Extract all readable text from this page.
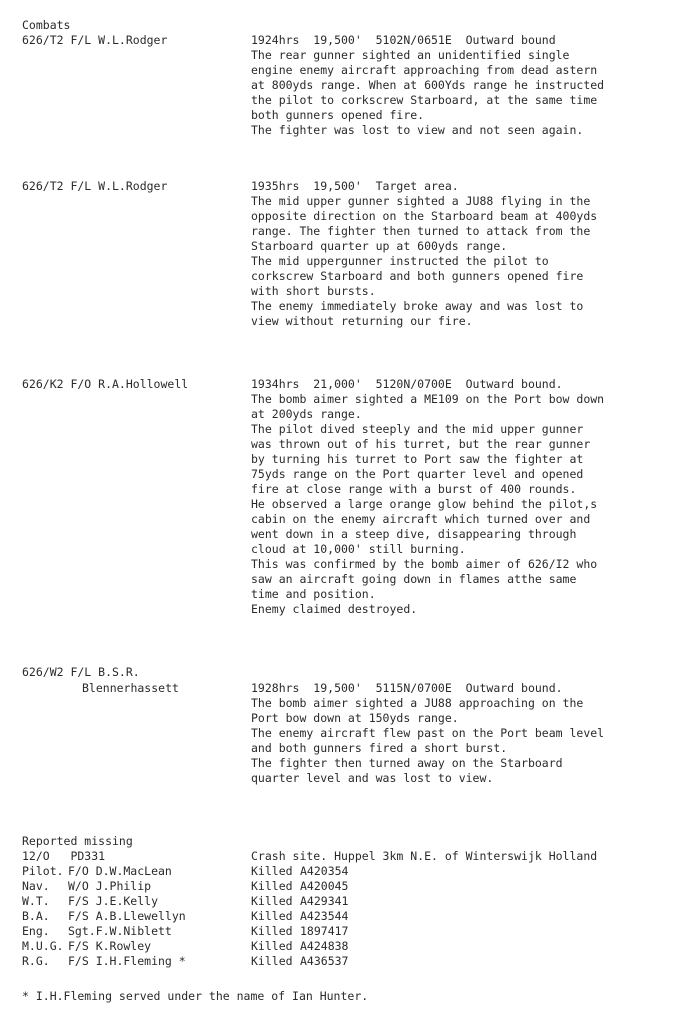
Combats
626/T2 F/L W.L.Rodger	1924hrs  19,500'  5102N/0651E  Outward bound
The rear gunner sighted an unidentified single
engine enemy aircraft approaching from dead astern
at 800yds range. When at 600Yds range he instructed
the pilot to corkscrew Starboard, at the same time
both gunners opened fire.
The fighter was lost to view and not seen again.
626/T2 F/L W.L.Rodger	1935hrs  19,500'  Target area.
The mid upper gunner sighted a JU88 flying in the
opposite direction on the Starboard beam at 400yds
range. The fighter then turned to attack from the
Starboard quarter up at 600yds range.
The mid uppergunner instructed the pilot to
corkscrew Starboard and both gunners opened fire
with short bursts.
The enemy immediately broke away and was lost to
view without returning our fire.
626/K2 F/O R.A.Hollowell	1934hrs  21,000'  5120N/0700E  Outward bound.
The bomb aimer sighted a ME109 on the Port bow down
at 200yds range.
The pilot dived steeply and the mid upper gunner
was thrown out of his turret, but the rear gunner
by turning his turret to Port saw the fighter at
75yds range on the Port quarter level and opened
fire at close range with a burst of 400 rounds.
He observed a large orange glow behind the pilot,s
cabin on the enemy aircraft which turned over and
went down in a steep dive, disappearing through
cloud at 10,000' still burning.
This was confirmed by the bomb aimer of 626/I2 who
saw an aircraft going down in flames atthe same
time and position.
Enemy claimed destroyed.
626/W2 F/L B.S.R.
Blennerhassett	1928hrs  19,500'  5115N/0700E  Outward bound.
The bomb aimer sighted a JU88 approaching on the
Port bow down at 150yds range.
The enemy aircraft flew past on the Port beam level
and both gunners fired a short burst.
The fighter then turned away on the Starboard
quarter level and was lost to view.
Reported missing
12/O   PD331	Crash site. Huppel 3km N.E. of Winterswijk Holland
Pilot. F/O D.W.MacLean	Killed A420354
Nav. W/O J.Philip	Killed A420045
W.T. F/S J.E.Kelly	Killed A429341
B.A. F/S A.B.Llewellyn	Killed A423544
Eng. Sgt.F.W.Niblett	Killed 1897417
M.U.G. F/S K.Rowley	Killed A424838
R.G. F/S I.H.Fleming *	Killed A436537
* I.H.Fleming served under the name of Ian Hunter.
